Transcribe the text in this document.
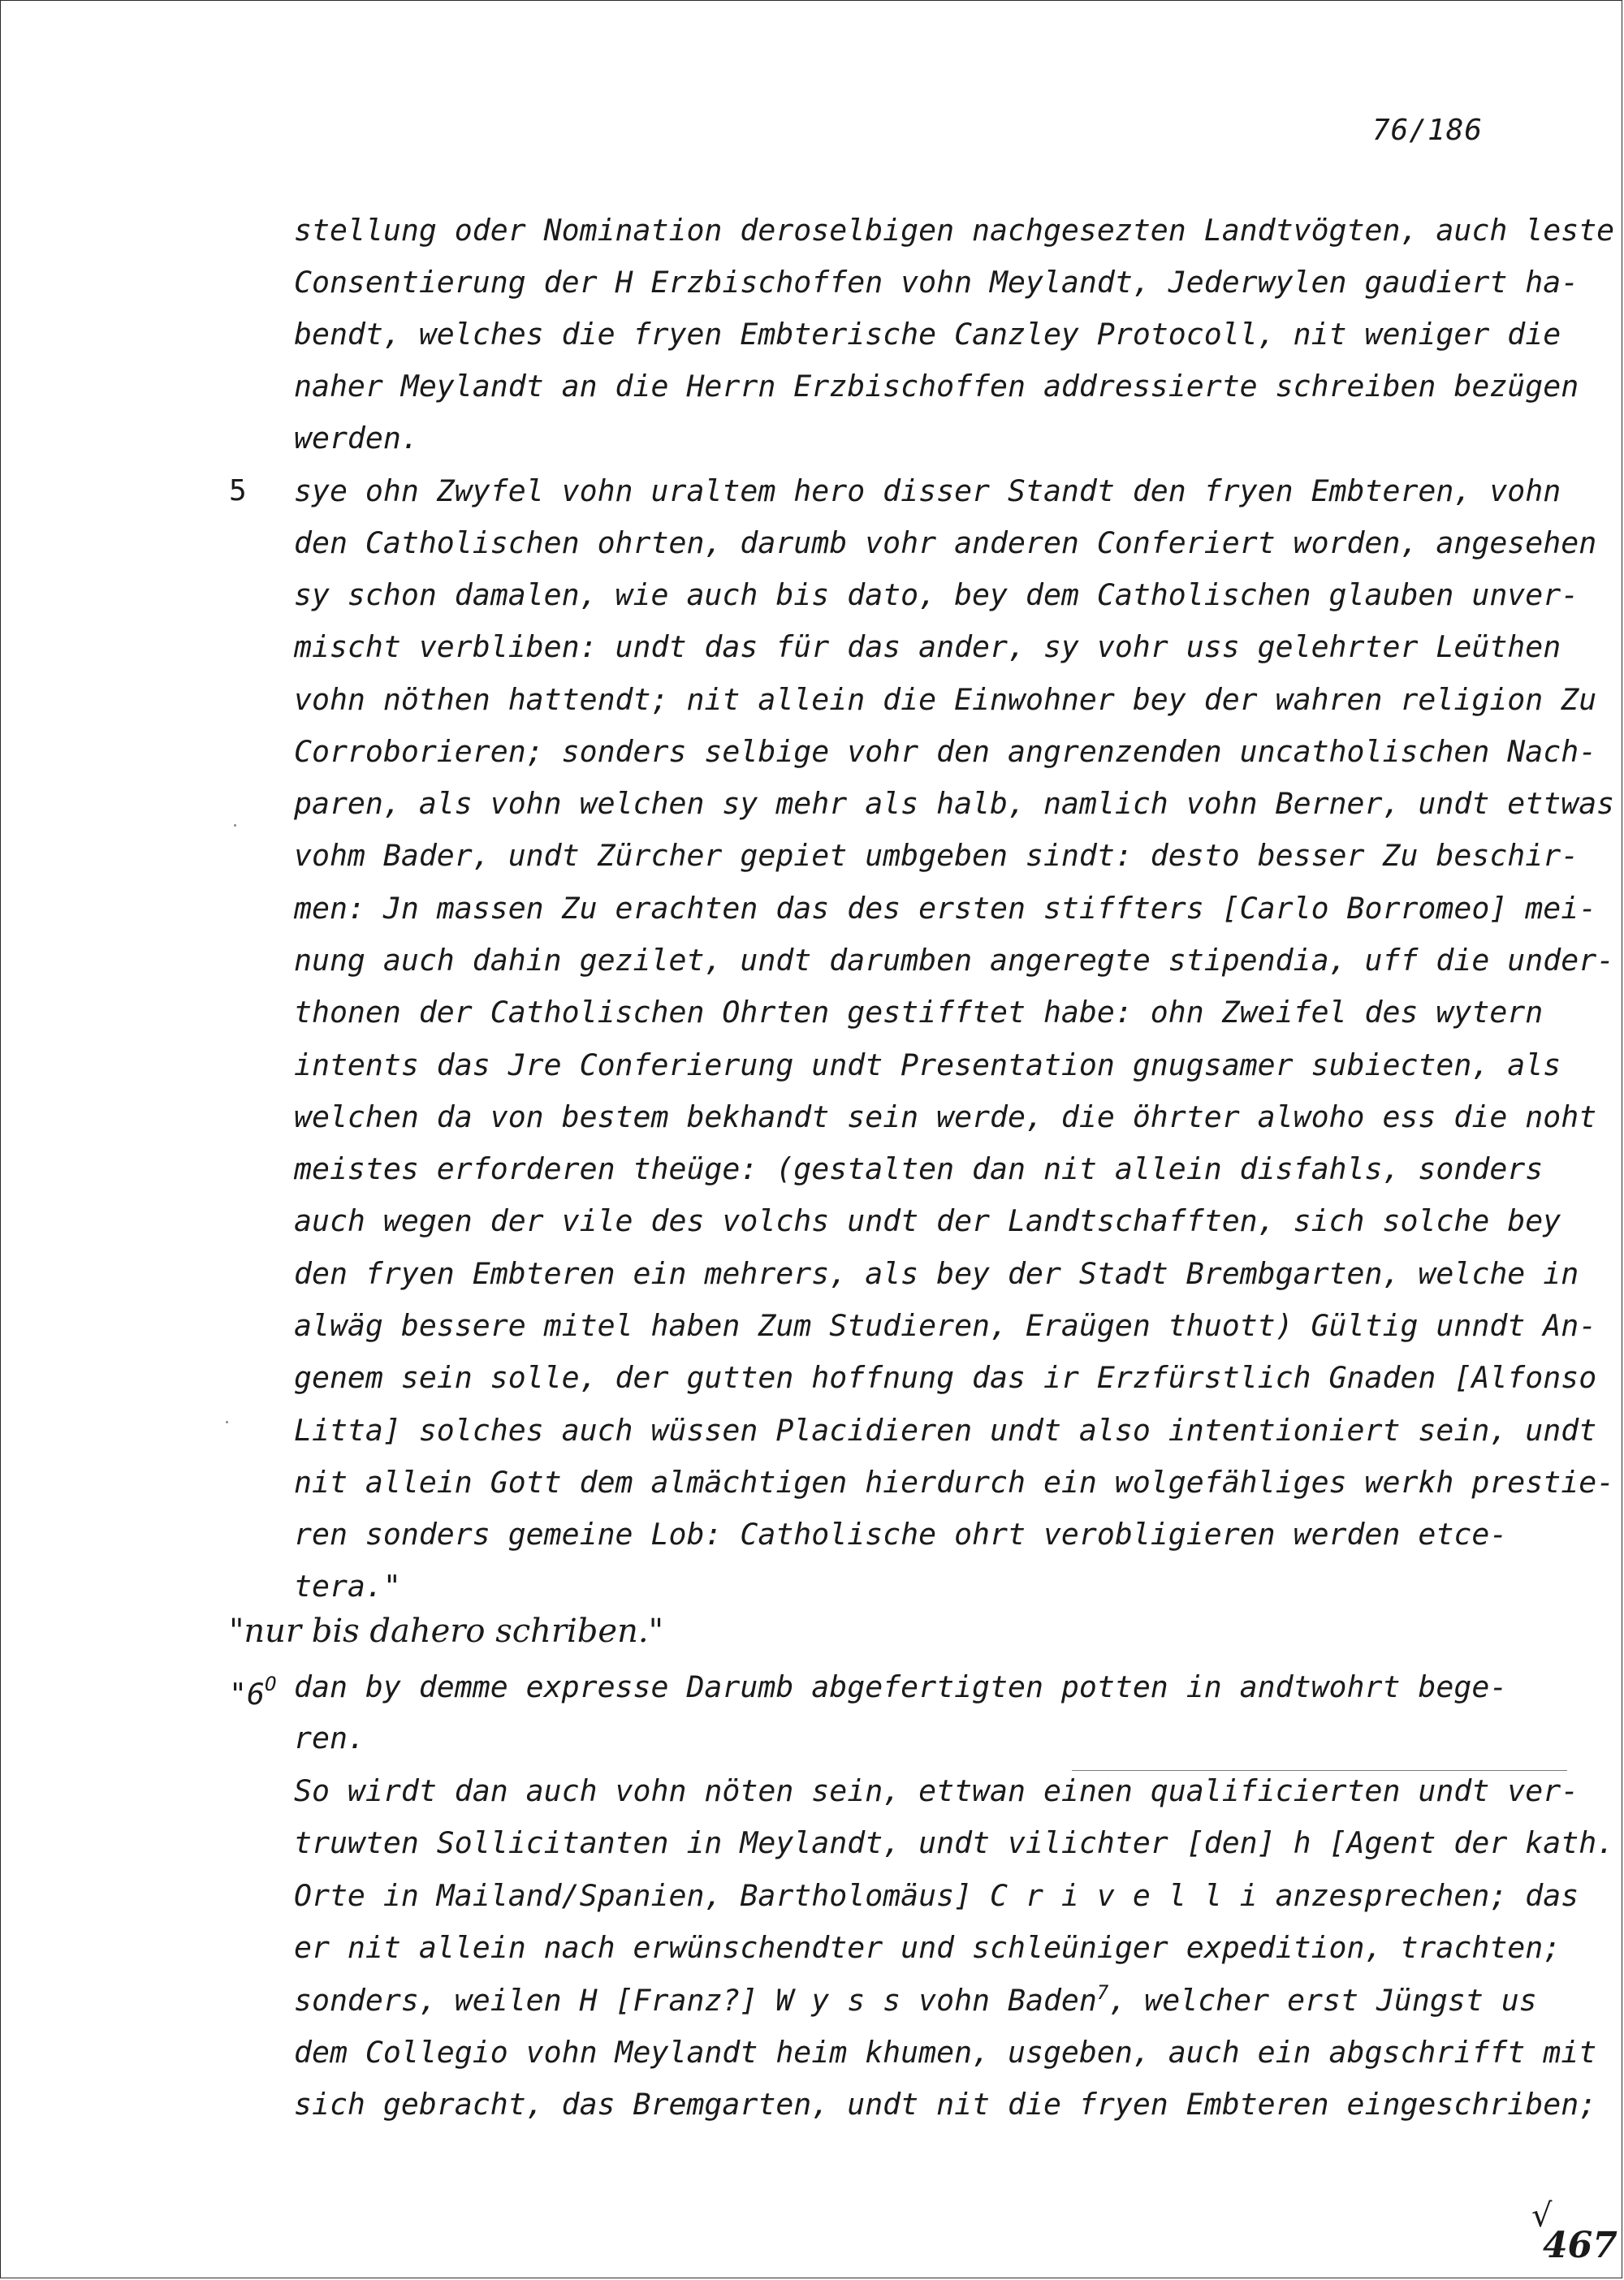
76/186
stellung oder Nomination deroselbigen nachgesezten Landtvögten, auch leste
Consentierung der H Erzbischoffen vohn Meylandt, Jederwylen gaudiert ha-
bendt, welches die fryen Embterische Canzley Protocoll, nit weniger die
naher Meylandt an die Herrn Erzbischoffen addressierte schreiben bezügen
werden.
5 sye ohn Zwyfel vohn uraltem hero disser Standt den fryen Embteren, vohn
den Catholischen ohrten, darumb vohr anderen Conferiert worden, angesehen
sy schon damalen, wie auch bis dato, bey dem Catholischen glauben unver-
mischt verbliben: undt das für das ander, sy vohr uss gelehrter Leüthen
vohn nöthen hattendt; nit allein die Einwohner bey der wahren religion Zu
Corroborieren; sonders selbige vohr den angrenzenden uncatholischen Nach-
paren, als vohn welchen sy mehr als halb, namlich vohn Berner, undt ettwas
vohm Bader, undt Zürcher gepiet umbgeben sindt: desto besser Zu beschir-
men: Jn massen Zu erachten das des ersten stiffters [Carlo Borromeo] mei-
nung auch dahin gezilet, undt darumben angeregte stipendia, uff die under-
thonen der Catholischen Ohrten gestifftet habe: ohn Zweifel des wytern
intents das Jre Conferierung undt Presentation gnugsamer subiecten, als
welchen da von bestem bekhandt sein werde, die öhrter alwoho ess die noht
meistes erforderen theüge: (gestalten dan nit allein disfahls, sonders
auch wegen der vile des volchs undt der Landtschafften, sich solche bey
den fryen Embteren ein mehrers, als bey der Stadt Brembgarten, welche in
alwäg bessere mitel haben Zum Studieren, Eraügen thuott) Gültig unndt An-
genem sein solle, der gutten hoffnung das ir Erzfürstlich Gnaden [Alfonso
Litta] solches auch wüssen Placidieren undt also intentioniert sein, undt
nit allein Gott dem almächtigen hierdurch ein wolgefähliges werkh prestie-
ren sonders gemeine Lob: Catholische ohrt verobligieren werden etce-
tera."
"nur bis dahero schriben."
"$6^O$ dan by demme expresse Darumb abgefertigten potten in andtwohrt bege-
ren.
So wirdt dan auch vohn nöten sein, ettwan einen qualificierten undt ver-
truwten Sollicitanten in Meylandt, undt vilichter [den] h [Agent der kath.
Orte in Mailand/Spanien, Bartholomäus] C r i v e l l i anzesprechen; das
er nit allein nach erwünschendter und schleüniger expedition, trachten;
sonders, weilen H [Franz?] W y s s vohn Baden$^7$, welcher erst Jüngst us
dem Collegio vohn Meylandt heim khumen, usgeben, auch ein abgschrifft mit
sich gebracht, das Bremgarten, undt nit die fryen Embteren eingeschriben;
√
467
